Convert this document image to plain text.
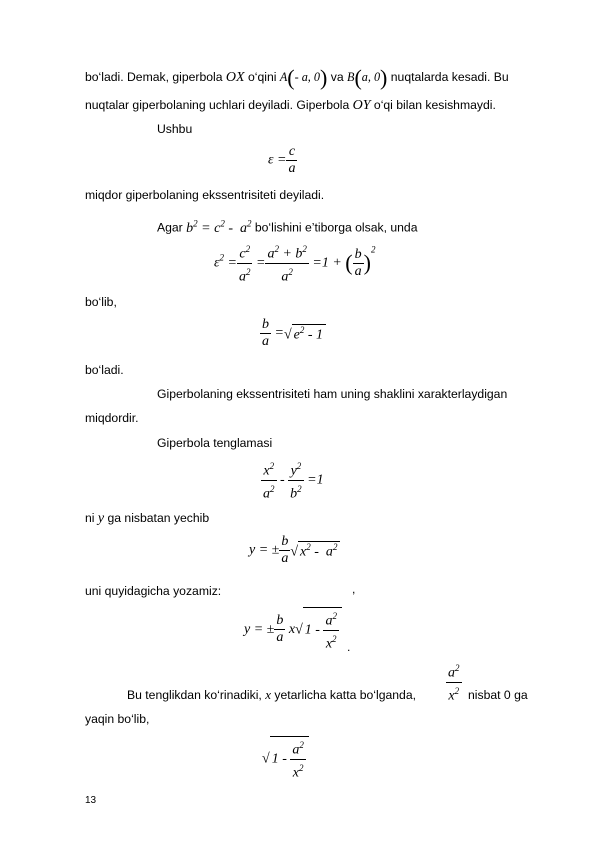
bo‘ladi. Demak, giperbola OX o‘qini A(- a, 0) va B(a, 0) nuqtalarda kesadi. Bu
nuqtalar giperbolaning uchlari deyiladi. Giperbola OY o‘qi bilan kesishmaydi.
Ushbu
$\varepsilon = \frac{c}{a}$
miqdor giperbolaning ekssentrisiteti deyiladi.
Agar $b^2 = c^2 - a^2$ bo‘lishini e’tiborga olsak, unda
$\varepsilon^2 = \frac{c^2}{a^2} = \frac{a^2 + b^2}{a^2} =1$ + ( $\frac{b}{a} )^2$
bo‘lib,
$\frac{b}{a}$ =√ $e^2 - 1$
bo‘ladi.
Giperbolaning ekssentrisiteti ham uning shaklini xarakterlaydigan
miqdordir.
Giperbola tenglamasi
$\frac{x^2}{a^2} - \frac{y^2}{b^2} =1$
ni y ga nisbatan yechib
y = ± $\frac{b}{a}$ √ $x^2 - a^2$
,
uni quyidagicha yozamiz:
y = ± $\frac{b}{a} x√$ $1 - \frac{a^2}{x^2}$ .
Bu tenglikdan ko‘rinadiki, x yetarlicha katta bo‘lganda, $\frac{a^2}{x^2}$ nisbat 0 ga
yaqin bo‘lib,
√ $1 - \frac{a^2}{x^2}$
13
